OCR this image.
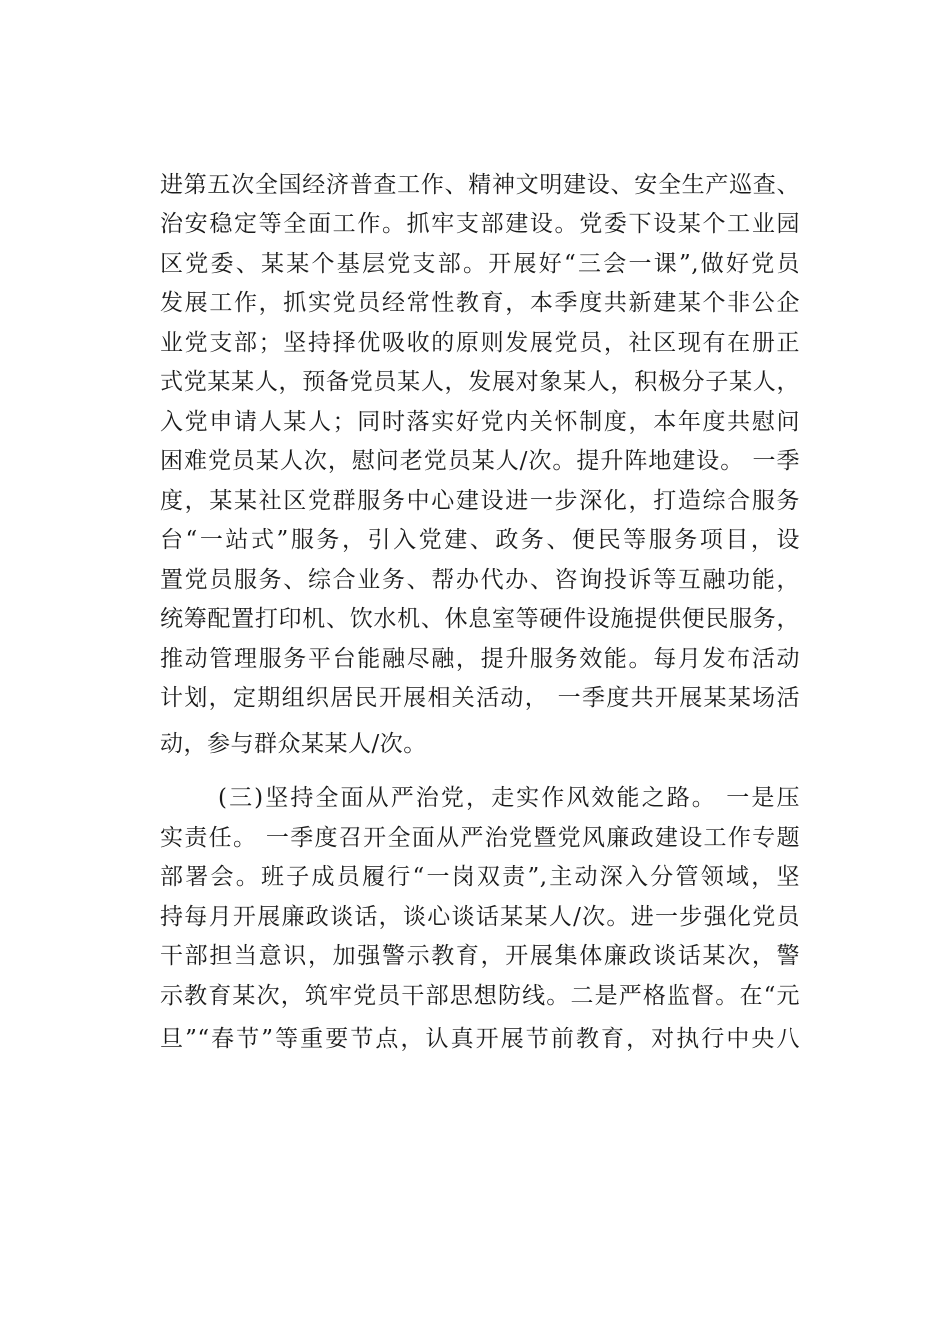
进第五次全国经济普查工作、精神文明建设、安全生产巡查、
治安稳定等全面工作。抓牢支部建设。党委下设某个工业园
区党委、某某个基层党支部。开展好“三会一课”,做好党员
发展工作，抓实党员经常性教育，本季度共新建某个非公企
业党支部；坚持择优吸收的原则发展党员，社区现有在册正
式党某某人，预备党员某人，发展对象某人，积极分子某人，
入党申请人某人；同时落实好党内关怀制度，本年度共慰问
困难党员某人次，慰问老党员某人/次。提升阵地建设。 一季
度，某某社区党群服务中心建设进一步深化，打造综合服务
台“一站式”服务，引入党建、政务、便民等服务项目，设
置党员服务、综合业务、帮办代办、咨询投诉等互融功能，
统筹配置打印机、饮水机、休息室等硬件设施提供便民服务，
推动管理服务平台能融尽融，提升服务效能。每月发布活动
计划，定期组织居民开展相关活动， 一季度共开展某某场活
动，参与群众某某人/次。
(三)坚持全面从严治党，走实作风效能之路。 一是压
实责任。 一季度召开全面从严治党暨党风廉政建设工作专题
部署会。班子成员履行“一岗双责”,主动深入分管领域，坚
持每月开展廉政谈话，谈心谈话某某人/次。进一步强化党员
干部担当意识，加强警示教育，开展集体廉政谈话某次，警
示教育某次，筑牢党员干部思想防线。二是严格监督。在“元
旦”“春节”等重要节点，认真开展节前教育，对执行中央八
